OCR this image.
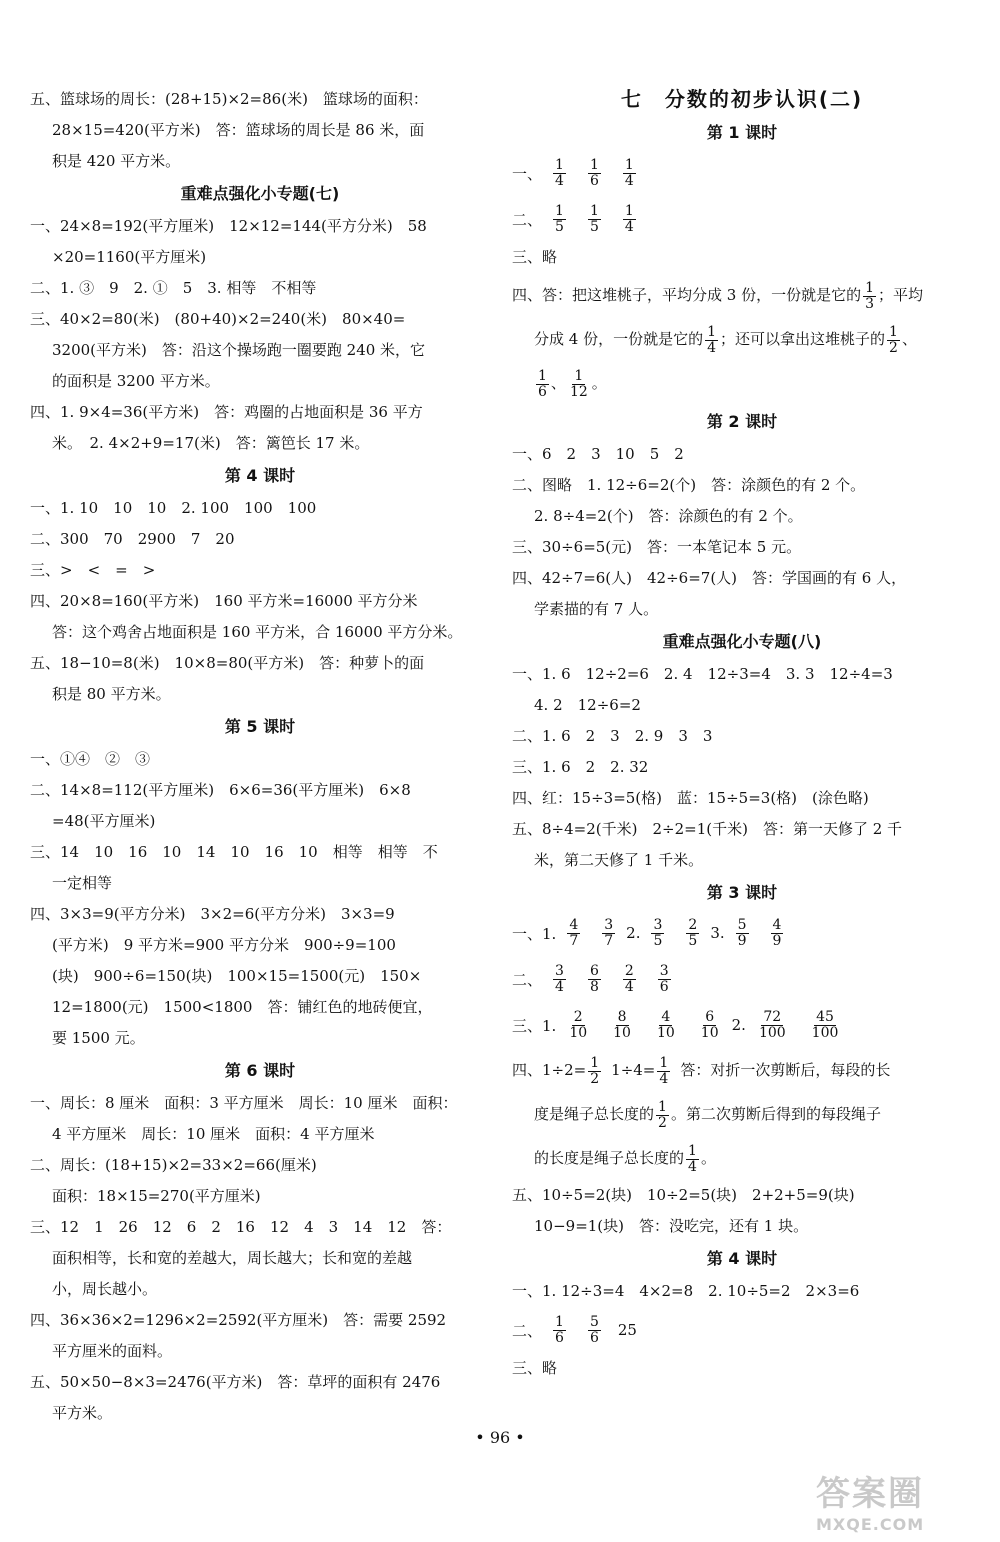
五、篮球场的周长：(28+15)×2=86(米)　篮球场的面积：
28×15=420(平方米)　答：篮球场的周长是 86 米，面
积是 420 平方米。
重难点强化小专题(七)
一、24×8=192(平方厘米)　12×12=144(平方分米)　58
×20=1160(平方厘米)
二、1. ③　9　2. ①　5　3. 相等　不相等
三、40×2=80(米)　(80+40)×2=240(米)　80×40=
3200(平方米)　答：沿这个操场跑一圈要跑 240 米，它
的面积是 3200 平方米。
四、1. 9×4=36(平方米)　答：鸡圈的占地面积是 36 平方
米。　2. 4×2+9=17(米)　答：篱笆长 17 米。
第 4 课时
一、1. 10　10　10　2. 100　100　100
二、300　70　2900　7　20
三、>　<　=　>
四、20×8=160(平方米)　160 平方米=16000 平方分米
答：这个鸡舍占地面积是 160 平方米，合 16000 平方分米。
五、18−10=8(米)　10×8=80(平方米)　答：种萝卜的面
积是 80 平方米。
第 5 课时
一、①④　②　③
二、14×8=112(平方厘米)　6×6=36(平方厘米)　6×8
=48(平方厘米)
三、14　10　16　10　14　10　16　10　相等　相等　不
一定相等
四、3×3=9(平方分米)　3×2=6(平方分米)　3×3=9
(平方米)　9 平方米=900 平方分米　900÷9=100
(块)　900÷6=150(块)　100×15=1500(元)　150×
12=1800(元)　1500<1800　答：铺红色的地砖便宜，
要 1500 元。
第 6 课时
一、周长：8 厘米　面积：3 平方厘米　周长：10 厘米　面积：
4 平方厘米　周长：10 厘米　面积：4 平方厘米
二、周长：(18+15)×2=33×2=66(厘米)
面积：18×15=270(平方厘米)
三、12　1　26　12　6　2　16　12　4　3　14　12　答：
面积相等，长和宽的差越大，周长越大；长和宽的差越
小，周长越小。
四、36×36×2=1296×2=2592(平方厘米)　答：需要 2592
平方厘米的面料。
五、50×50−8×3=2476(平方米)　答：草坪的面积有 2476
平方米。
七　分数的初步认识(二)
第 1 课时
一、 $\frac{1}{4} \frac{1}{6} \frac{1}{4}$
二、 $\frac{1}{5} \frac{1}{5} \frac{1}{4}$
三、略
四、答：把这堆桃子，平均分成 3 份，一份就是它的 $\frac{1}{3}$ ；平均
分成 4 份，一份就是它的 $\frac{1}{4}$ ；还可以拿出这堆桃子的 $\frac{1}{2}$ 、
$\frac{1}{6}$ 、 $\frac{1}{12}$ 。
第 2 课时
一、6　2　3　10　5　2
二、图略　1. 12÷6=2(个)　答：涂颜色的有 2 个。
2. 8÷4=2(个)　答：涂颜色的有 2 个。
三、30÷6=5(元)　答：一本笔记本 5 元。
四、42÷7=6(人)　42÷6=7(人)　答：学国画的有 6 人，
学素描的有 7 人。
重难点强化小专题(八)
一、1. 6　12÷2=6　2. 4　12÷3=4　3. 3　12÷4=3
4. 2　12÷6=2
二、1. 6　2　3　2. 9　3　3
三、1. 6　2　2. 32
四、红：15÷3=5(格)　蓝：15÷5=3(格)　(涂色略)
五、8÷4=2(千米)　2÷2=1(千米)　答：第一天修了 2 千
米，第二天修了 1 千米。
第 3 课时
一、1. $\frac{4}{7} \frac{3}{7} 2$. $\frac{3}{5} \frac{2}{5} 3$. $\frac{5}{9} \frac{4}{9}$
二、 $\frac{3}{4} \frac{6}{8} \frac{2}{4} \frac{3}{6}$
三、1. $\frac{2}{10} \frac{8}{10} \frac{4}{10} \frac{6}{10} 2$. $\frac{72}{100} \frac{45}{100}$
四、$1\div 2= \frac{1}{2} 1\div 4= \frac{1}{4}$ 答：对折一次剪断后，每段的长
度是绳子总长度的 $\frac{1}{2}$ 。第二次剪断后得到的每段绳子
的长度是绳子总长度的 $\frac{1}{4}$ 。
五、10÷5=2(块)　10÷2=5(块)　2+2+5=9(块)
10−9=1(块)　答：没吃完，还有 1 块。
第 4 课时
一、1. 12÷3=4　4×2=8　2. 10÷5=2　2×3=6
二、 $\frac{1}{6} \frac{5}{6} 25$
三、略
• 96 •
答案圈
MXQE.COM
